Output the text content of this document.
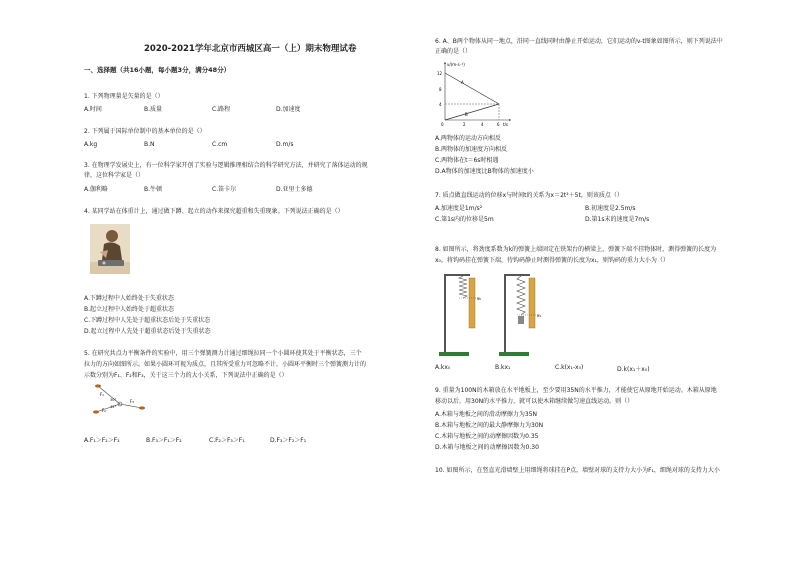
2020-2021学年北京市西城区高一（上）期末物理试卷
一、选择题（共16小题，每小题3分，满分48分）
1. 下列物理量是矢量的是（）
A.时间	B.质量	C.路程	D.加速度
2. 下列属于国际单位制中的基本单位的是（）
A.kg	B.N	C.cm	D.m/s
3. 在物理学发展史上，有一位科学家开创了实验与逻辑推理相结合的科学研究方法，并研究了落体运动的规
律，这位科学家是（）
A.伽利略	B.牛顿	C.笛卡尔	D.亚里士多德
4. 某同学站在体重计上，通过做下蹲、起立的动作来探究超重和失重现象。下列说法正确的是（）
A.下蹲过程中人始终处于失重状态
B.起立过程中人始终处于超重状态
C.下蹲过程中人先处于超重状态后处于失重状态
D.起立过程中人先处于超重状态后处于失重状态
5. 在研究共点力平衡条件的实验中，用三个弹簧测力计通过细绳拉同一个小圆环使其处于平衡状态，三个
拉力的方向如图所示。如果小圆环可视为质点，且其所受重力可忽略不计，小圆环平衡时三个弹簧测力计的
示数分别为F₁、F₂和F₃，关于这三个力的大小关系，下列说法中正确的是（）
F₁
F₂
F₃
30°
45°
A.F₁＞F₂＞F₃	B.F₃＞F₁＞F₂	C.F₂＞F₃＞F₁	D.F₃＞F₂＞F₁
6. A、B两个物体从同一地点，沿同一直线同时由静止开始运动，它们运动的v-t图象如图所示，则下列说法中
正确的是（）
v/(m·s⁻¹)
t/s
12
8
4
0	2	4	6
A
B
A.两物体的运动方向相反
B.两物体的加速度方向相反
C.两物体在t＝6s时相遇
D.A物体的加速度比B物体的加速度小
7. 质点做直线运动的位移x与时间t的关系为x＝2t²＋5t，则该质点（）
A.加速度是1m/s²	B.初速度是2.5m/s
C.第1s内的位移是5m	D.第1s末的速度是7m/s
8. 如图所示，将劲度系数为k的弹簧上端固定在铁架台的横梁上，弹簧下端不挂物体时，测得弹簧的长度为
x₀。将钩码挂在弹簧下端，待钩码静止时测得弹簧的长度为x₁，则钩码的重力大小为（）
x₀
x₁
A.kx₀	B.kx₁	C.k(x₁-x₀)	D.k(x₁＋x₀)
9. 重量为100N的木箱放在水平地板上，至少要用35N的水平推力，才能使它从原地开始运动。木箱从原地
移动以后，用30N的水平推力，就可以使木箱继续做匀速直线运动。则（）
A.木箱与地板之间的滑动摩擦力为35N
B.木箱与地板之间的最大静摩擦力为30N
C.木箱与地板之间的动摩擦因数为0.35
D.木箱与地板之间的动摩擦因数为0.30
10. 如图所示，在竖直光滑墙壁上用细绳将球挂在P点，墙壁对球的支持力大小为F₁，细绳对球的支持力大小
